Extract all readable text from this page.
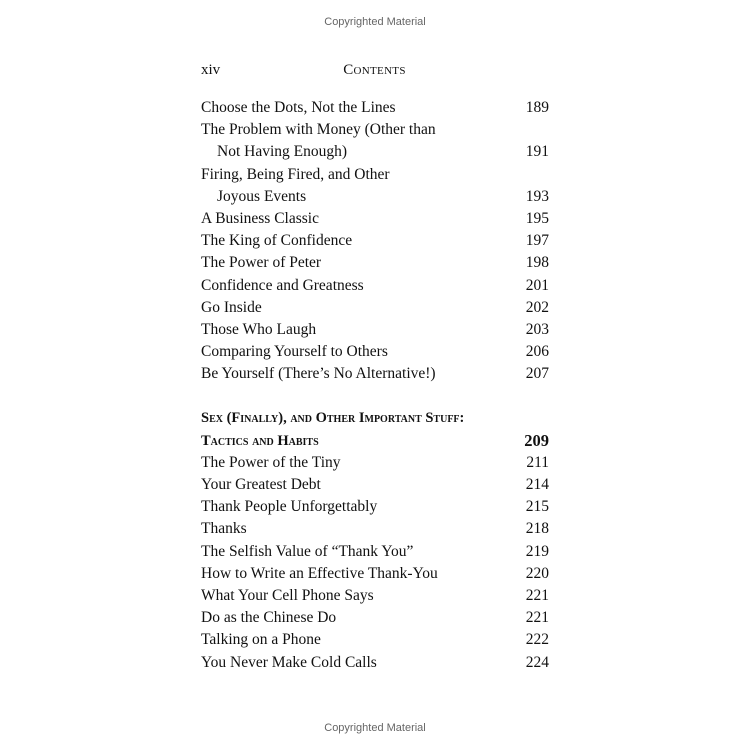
Copyrighted Material
xiv	Contents
Choose the Dots, Not the Lines	189
The Problem with Money (Other than
Not Having Enough)	191
Firing, Being Fired, and Other
Joyous Events	193
A Business Classic	195
The King of Confidence	197
The Power of Peter	198
Confidence and Greatness	201
Go Inside	202
Those Who Laugh	203
Comparing Yourself to Others	206
Be Yourself (There’s No Alternative!)	207
Sex (Finally), and Other Important Stuff:
Tactics and Habits	209
The Power of the Tiny	211
Your Greatest Debt	214
Thank People Unforgettably	215
Thanks	218
The Selfish Value of “Thank You”	219
How to Write an Effective Thank-You	220
What Your Cell Phone Says	221
Do as the Chinese Do	221
Talking on a Phone	222
You Never Make Cold Calls	224
Copyrighted Material
